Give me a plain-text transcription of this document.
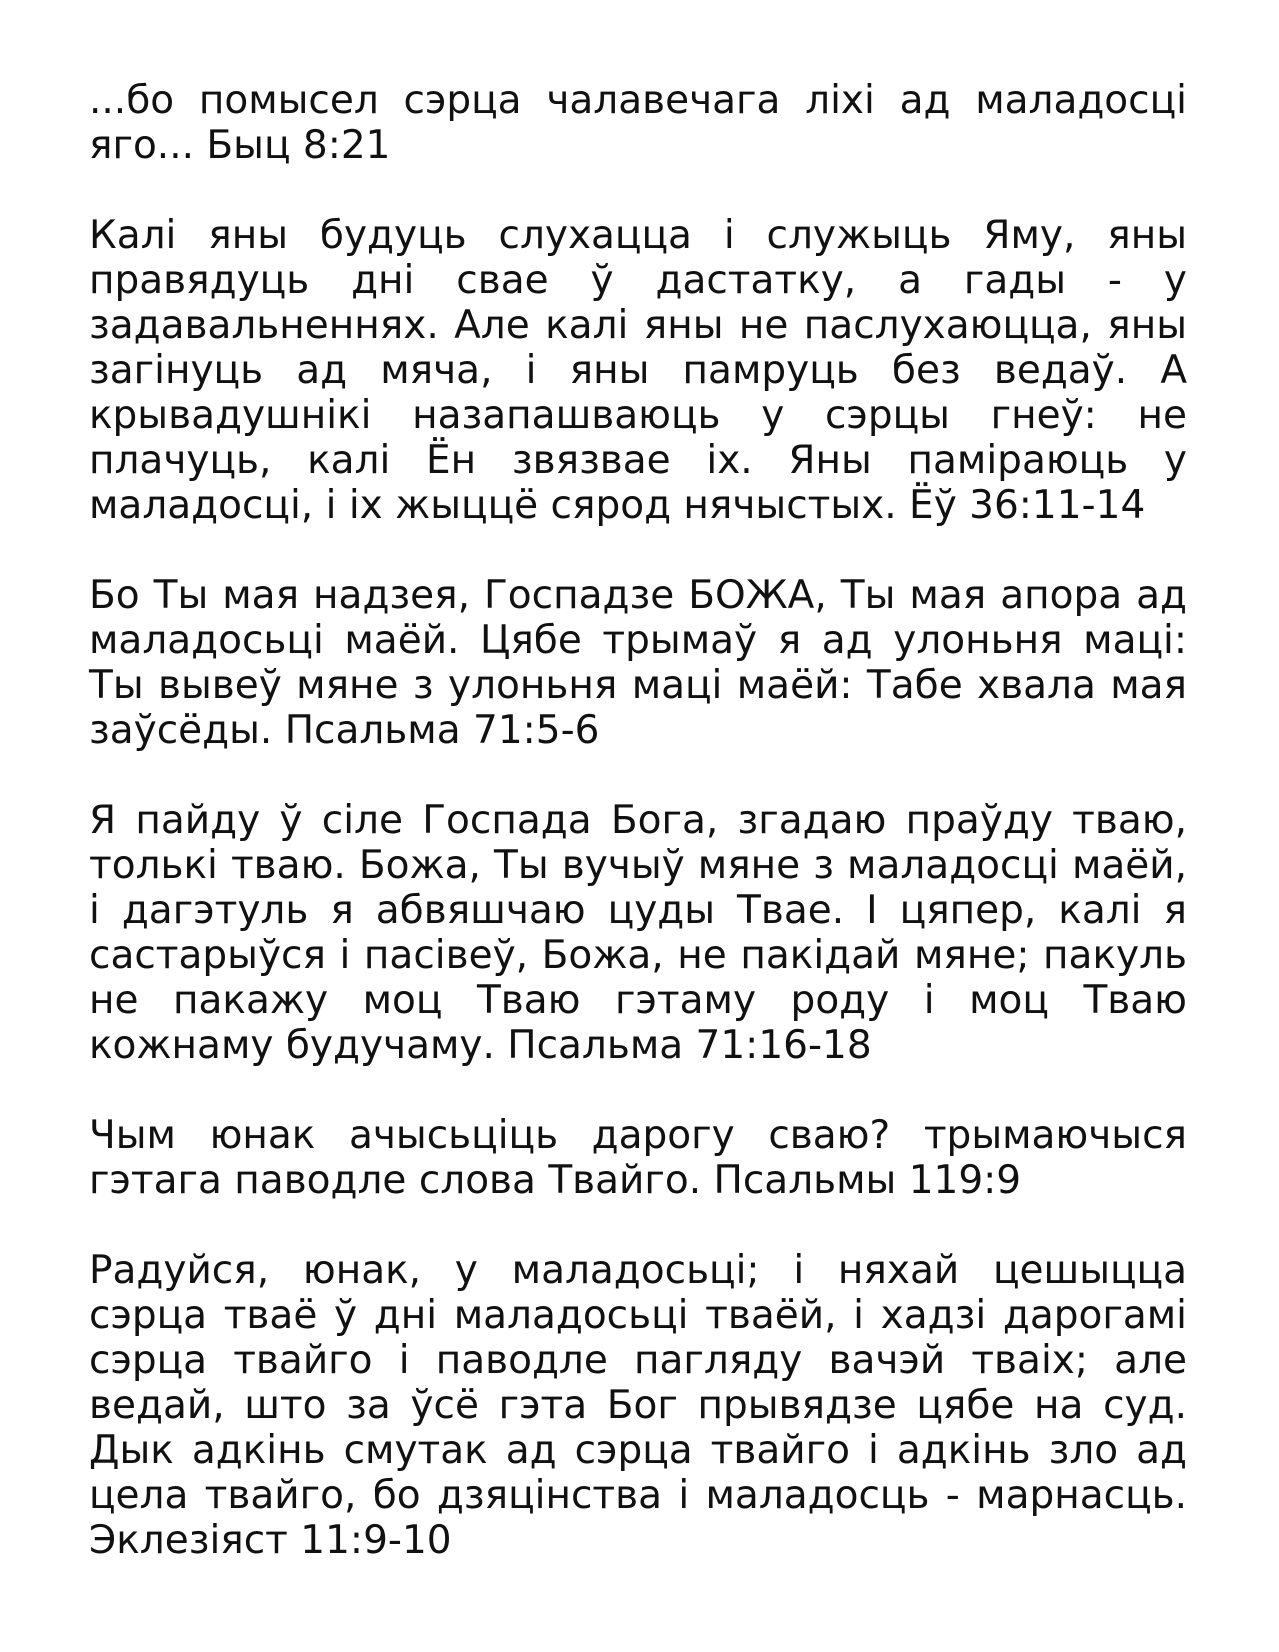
...бо помысел сэрца чалавечага ліхі ад маладосці яго... Быц 8:21

Калі яны будуць слухацца і служыць Яму, яны правядуць дні свае ў дастатку, а гады - у задавальненнях. Але калі яны не паслухаюцца, яны загінуць ад мяча, і яны памруць без ведаў. А крывадушнікі назапашваюць у сэрцы гнеў: не плачуць, калі Ён звязвае іх. Яны паміраюць у маладосці, і іх жыццё сярод нячыстых. Ёў 36:11-14

Бо Ты мая надзея, Госпадзе БОЖА, Ты мая апора ад маладосьці маёй. Цябе трымаў я ад улоньня маці: Ты вывеў мяне з улоньня маці маёй: Табе хвала мая заўсёды. Псальма 71:5-6

Я пайду ў сіле Госпада Бога, згадаю праўду тваю, толькі тваю. Божа, Ты вучыў мяне з маладосці маёй, і дагэтуль я абвяшчаю цуды Твае. І цяпер, калі я састарыўся і пасівеў, Божа, не пакідай мяне; пакуль не пакажу моц Тваю гэтаму роду і моц Тваю кожнаму будучаму. Псальма 71:16-18

Чым юнак ачысьціць дарогу сваю? трымаючыся гэтага паводле слова Твайго. Псальмы 119:9

Радуйся, юнак, у маладосьці; і няхай цешыцца сэрца тваё ў дні маладосьці тваёй, і хадзі дарогамі сэрца твайго і паводле пагляду вачэй тваіх; але ведай, што за ўсё гэта Бог прывядзе цябе на суд. Дык адкінь смутак ад сэрца твайго і адкінь зло ад цела твайго, бо дзяцінства і маладосць - марнасць. Эклезіяст 11:9-10
